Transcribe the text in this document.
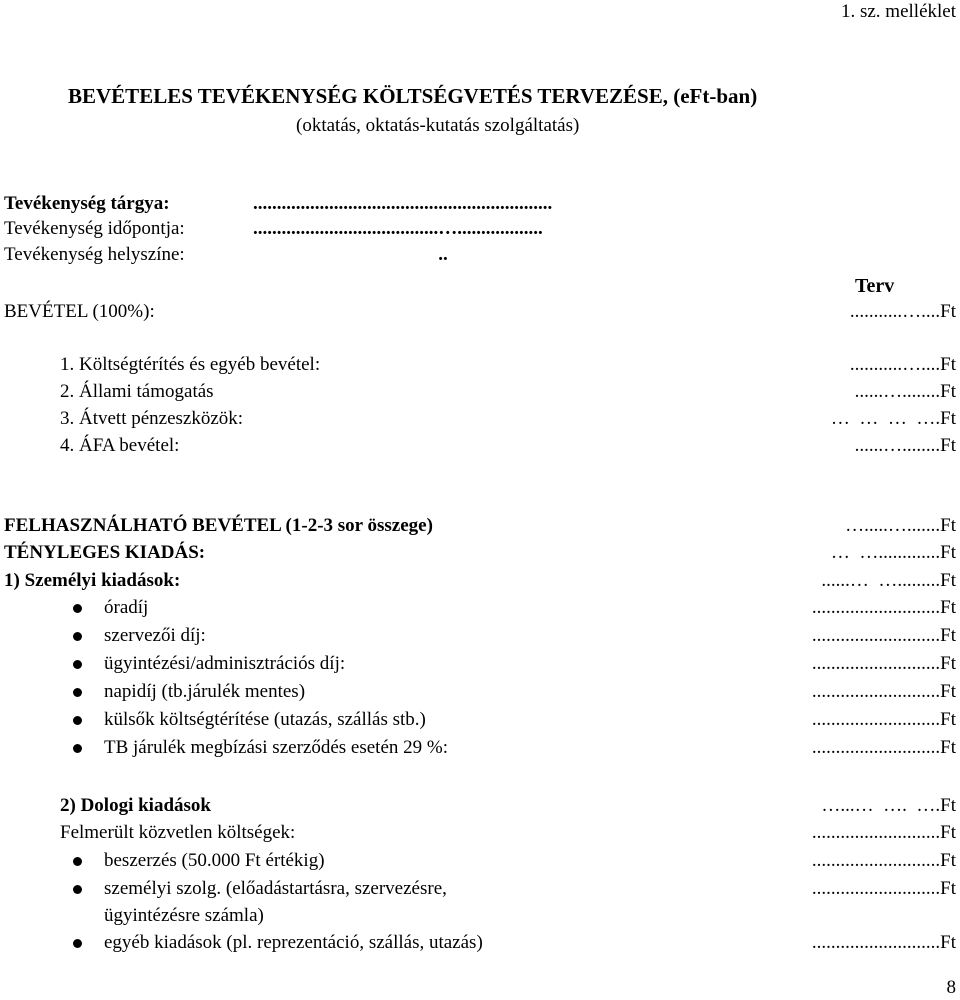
1. sz. melléklet
BEVÉTELES TEVÉKENYSÉG KÖLTSÉGVETÉS TERVEZÉSE, (eFt-ban)
(oktatás, oktatás-kutatás szolgáltatás)
Tevékenység tárgya:	...............................................................
Tevékenység időpontja:	.......................................…..................
Tevékenység helyszíne:	..
Terv
BEVÉTEL (100%):	...........…....Ft
1. Költségtérítés és egyéb bevétel:	...........…....Ft
2. Állami támogatás	......…........Ft
3. Átvett pénzeszközök:	…  …  …  ….Ft
4. ÁFA bevétel:	......…........Ft
FELHASZNÁLHATÓ BEVÉTEL (1-2-3 sor összege)	….....….......Ft
TÉNYLEGES KIADÁS:	…  ….............Ft
1) Személyi kiadások:	......…  ….........Ft
óradíj	...........................Ft
szervezői díj:	...........................Ft
ügyintézési/adminisztrációs díj:	...........................Ft
napidíj (tb.járulék mentes)	...........................Ft
külsők költségtérítése (utazás, szállás stb.)	...........................Ft
TB járulék megbízási szerződés esetén 29 %:	...........................Ft
2) Dologi kiadások	…...…  ….  ….Ft
Felmerült közvetlen költségek:	...........................Ft
beszerzés (50.000 Ft értékig)	...........................Ft
személyi szolg. (előadástartásra, szervezésre,
ügyintézésre számla)
...........................Ft
egyéb kiadások (pl. reprezentáció, szállás, utazás)	...........................Ft
8
